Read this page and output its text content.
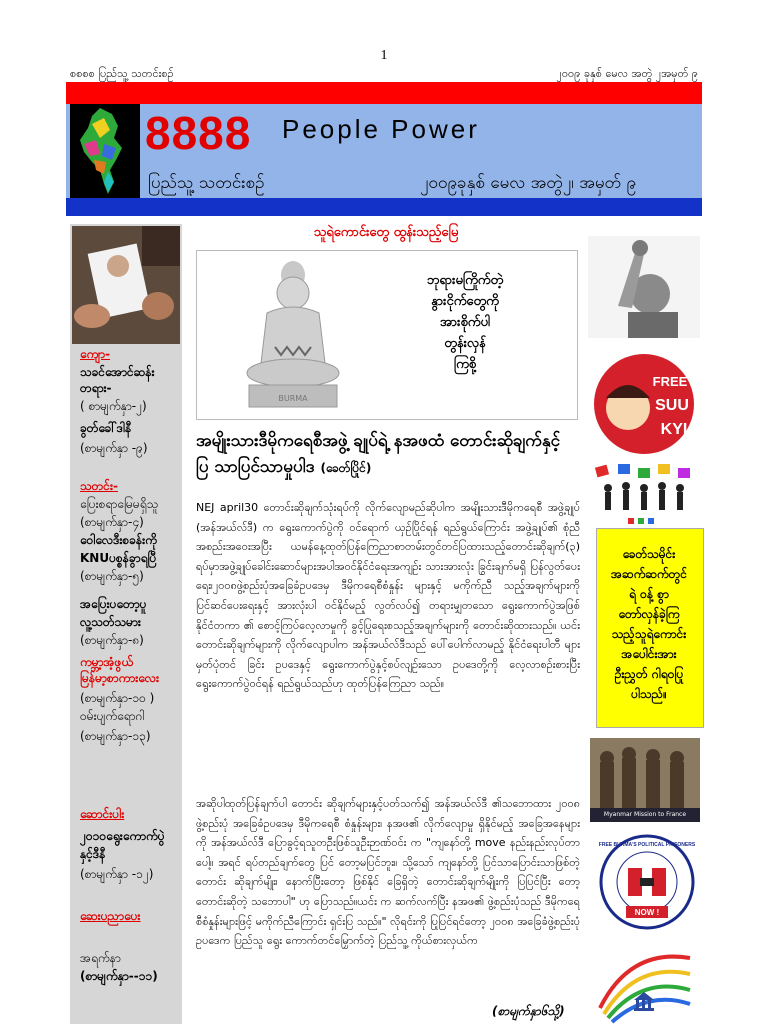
1
စစစစ ပြည်သူ့ သတင်းစဉ်	၂၀၀၉ ခုနှစ် မေလ အတွဲ ၂အမှတ် ၉
8888 People Power
ပြည်သူ့ သတင်းစဉ်	၂၀၀၉ခုနှစ် မေလ အတွဲ၂၊ အမှတ် ၉
ကျော-
သခင်အောင်ဆန်း
တရား-
( စာမျက်နှာ-၂)
ခွတ်ခေါ်ဒါနီ
(စာမျက်နှာ -၉)
သတင်း-
ပြေးစရာမြေမရှိသူ
(စာမျက်နှာ-၄)
ဝေါလေဒီးစခန်းကို
KNUပစ္စန်ခွာရပြီ
(စာမျက်နှာ-၅)
အပြေးပတော့ပူ
လူ့သတ်သမား
(စာမျက်နှာ-၈)
ကမ္ဘာ့အံ့ဖွယ်
မြန်မာ့စာကားလေး
(စာမျက်နှာ-၁၀ )
ဝမ်းပျက်ရောဂါ
(စာမျက်နှာ-၁၃)
ဆောင်းပါး
၂၀၁၀ရွေးကောက်ပွဲ
နှင့်ဒီနီ
(စာမျက်နှာ -၁၂)
ဆေးပညာပေး
အရက်နာ
(စာမျက်နှာ--၁၁)
သူရဲကောင်းတွေ ထွန်းသည့်မြေ
BURMA
ဘုရားမကြိုက်တဲ့
နွားငိုက်တွေကို
အားစိုက်ပါ
တွန်းလှန်
ကြစို့
အမျိုးသားဒီမိုကရေစီအဖွဲ့ ချုပ်ရဲ့ နအဖထံ တောင်းဆိုချက်နှင့် ပြ သာပြင်သာမှုပါဒ (ခေတ်ပြိုင်)
NEJ april30 တောင်းဆိုချက်သုံးရပ်ကို လိုက်လျောမည်ဆိုပါက အမျိုးသားဒီမိုကရေစီ အဖွဲ့ချုပ် (အန်အယ်လ်ဒီ) က ရွေးကောက်ပွဲကို ဝင်ရောက် ယှဉ်ပြိုင်ရန် ရည်ရွယ်ကြောင်း အဖွဲ့ချုပ်၏ စုံညီအစည်းအဝေးအပြီး ယမန်နေ့ထုတ်ပြန်ကြေညာစာတမ်းတွင်တင်ပြထားသည့်တောင်းဆိုချက်(၃) ရပ်မှာအဖွဲ့ချုပ်ခေါင်းဆောင်များအပါအဝင်နိုင်ငံရေးအကျဉ်း သားအားလုံး ခြွင်းချက်မရှိ ပြန်လွတ်ပေးရေး၊၂၀၀၈ဖွဲ့စည်းပုံအခြေခံဥပဒေမှ ဒီမိုကရေစီစံနှုန်း များနှင့် မကိုက်ညီ သည့်အချက်များကို ပြင်ဆင်ပေးရေးနှင့် အားလုံးပါ ဝင်နိုင်မည့် လွတ်လပ်၍ တရားမျှတသော ရွေးကောက်ပွဲအဖြစ် နိုင်ငံတကာ ၏ စောင့်ကြပ်လေ့လာမှုကို ခွင့်ပြုရေးစသည့်အချက်များကို တောင်းဆိုထားသည်။ ယင်းတောင်းဆိုချက်များကို လိုက်လျောပါက အန်အယ်လ်ဒီသည် ပေါ်ပေါက်လာမည့် နိုင်ငံရေးပါတီ များ မှတ်ပုံတင် ခြင်း ဥပဒေနှင့် ရွေးကောက်ပွဲနှင့်စပ်လျဉ်းသော ဥပဒေတို့ကို လေ့လာစဉ်းစားပြီး ရွေးကောက်ပွဲဝင်ရန် ရည်ရွယ်သည်ဟု ထုတ်ပြန်ကြေညာ သည်။
အဆိုပါထုတ်ပြန်ချက်ပါ တောင်း ဆိုချက်များနှင့်ပတ်သက်၍ အန်အယ်လ်ဒီ ၏သဘောထား ၂၀၀၈ ဖွဲ့စည်းပုံ အခြေခံဥပဒေမှ ဒီမိုကရေစီ စံနှုန်းများ၊ နအဖ၏ လိုက်လျောမှု ရှိနိုင်မည့် အခြေအနေများကို အန်အယ်လ်ဒီ ပြောခွင့်ရသူတဦးဖြစ်သူဦးဉာဏ်ဝင်း က "ကျနော်တို့ move နည်းနည်းလုပ်တာပေါ့။ အရင် ရပ်တည်ချက်တွေ ပြင် တော့မပြင်ဘူး။ သို့သော် ကျနော်တို့ ပြင်သာပြောင်းသာဖြစ်တဲ့ တောင်း ဆိုချက်မျိုး၊ နောက်ပြီးတော့ ဖြစ်နိုင် ခြေရှိတဲ့ တောင်းဆိုချက်မျိုးကို ပြပြင်ပြီး တော့ တောင်းဆိုတဲ့ သဘောပါ" ဟု ပြောသည်။ယင်း က ဆက်လက်ပြီး နအဖ၏ ဖွဲ့စည်းပုံသည် ဒီမိုကရေစီစံနှုန်းများဖြင့် မကိုက်ညီကြောင်း ရှင်းပြ သည်။" လိုရင်းကို ပြုပြင်ရင်တော့ ၂၀၀၈ အခြေခံဖွဲ့စည်းပုံဥပဒေက ပြည်သူ ရွေး ကောက်တင်မြှောက်တဲ့ ပြည်သူ့ ကိုယ်စားလှယ်က
(စာမျက်နှာ၆သို့)
FREE
SUU
KYI
ခေတ်သမိုင်း
အဆက်ဆက်တွင်
ရဲ ဝန့် စွာ
တော်လှန်ခဲ့ကြ
သည့်သူရဲကောင်း
အပေါင်းအား
ဦးညွှတ် ဂါရဝပြု
ပါသည်။
Myanmar Mission to France
NOW !
FREE BURMA'S POLITICAL PRISONERS
